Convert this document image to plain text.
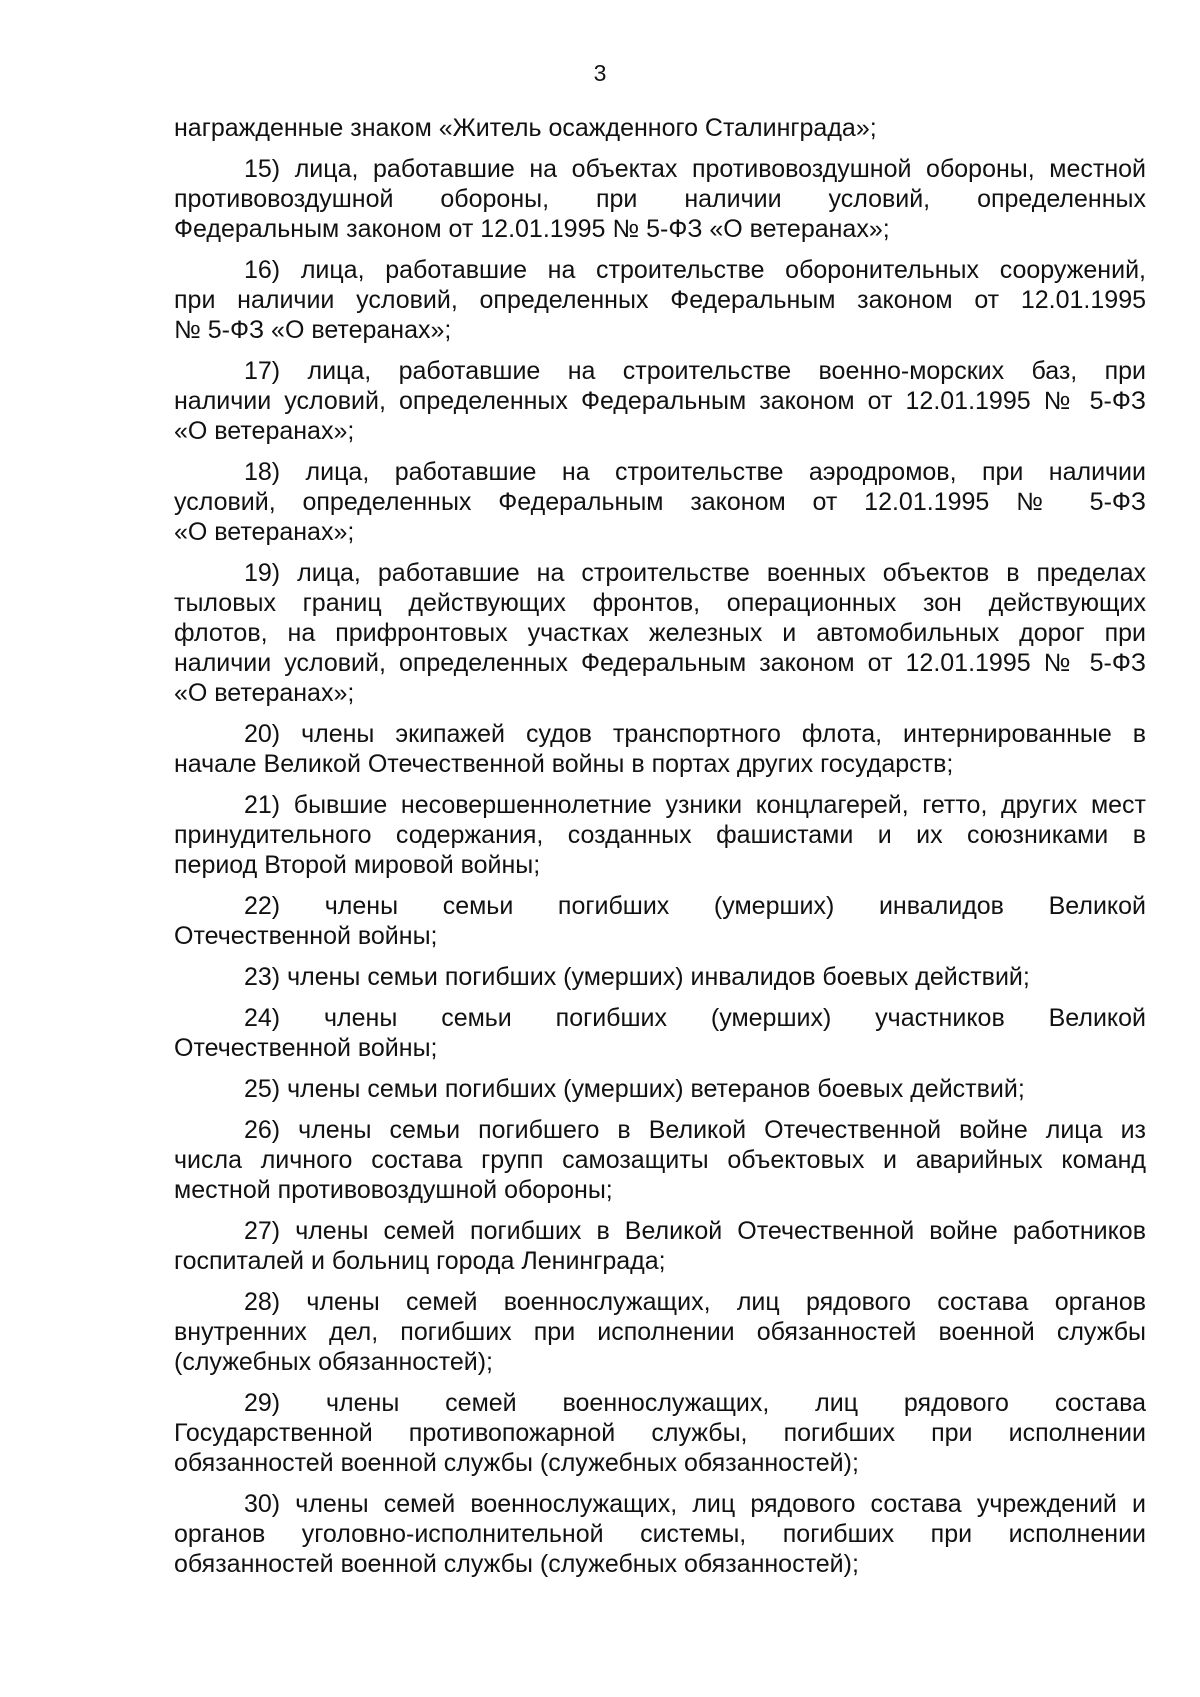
3
награжденные знаком «Житель осажденного Сталинграда»;
15) лица, работавшие на объектах противовоздушной обороны, местной
противовоздушной обороны, при наличии условий, определенных
Федеральным законом от 12.01.1995 № 5-ФЗ «О ветеранах»;
16) лица, работавшие на строительстве оборонительных сооружений,
при наличии условий, определенных Федеральным законом от 12.01.1995
№ 5-ФЗ «О ветеранах»;
17) лица, работавшие на строительстве военно-морских баз, при
наличии условий, определенных Федеральным законом от 12.01.1995 № 5-ФЗ
«О ветеранах»;
18) лица, работавшие на строительстве аэродромов, при наличии
условий, определенных Федеральным законом от 12.01.1995 № 5-ФЗ
«О ветеранах»;
19) лица, работавшие на строительстве военных объектов в пределах
тыловых границ действующих фронтов, операционных зон действующих
флотов, на прифронтовых участках железных и автомобильных дорог при
наличии условий, определенных Федеральным законом от 12.01.1995 № 5-ФЗ
«О ветеранах»;
20) члены экипажей судов транспортного флота, интернированные в
начале Великой Отечественной войны в портах других государств;
21) бывшие несовершеннолетние узники концлагерей, гетто, других мест
принудительного содержания, созданных фашистами и их союзниками в
период Второй мировой войны;
22) члены семьи погибших (умерших) инвалидов Великой
Отечественной войны;
23) члены семьи погибших (умерших) инвалидов боевых действий;
24) члены семьи погибших (умерших) участников Великой
Отечественной войны;
25) члены семьи погибших (умерших) ветеранов боевых действий;
26) члены семьи погибшего в Великой Отечественной войне лица из
числа личного состава групп самозащиты объектовых и аварийных команд
местной противовоздушной обороны;
27) члены семей погибших в Великой Отечественной войне работников
госпиталей и больниц города Ленинграда;
28) члены семей военнослужащих, лиц рядового состава органов
внутренних дел, погибших при исполнении обязанностей военной службы
(служебных обязанностей);
29) члены семей военнослужащих, лиц рядового состава
Государственной противопожарной службы, погибших при исполнении
обязанностей военной службы (служебных обязанностей);
30) члены семей военнослужащих, лиц рядового состава учреждений и
органов уголовно-исполнительной системы, погибших при исполнении
обязанностей военной службы (служебных обязанностей);
